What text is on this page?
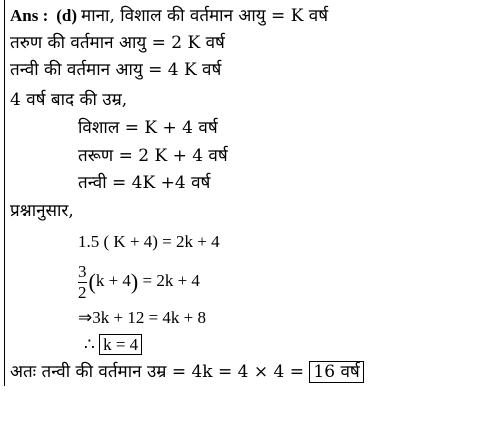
Ans : (d) माना, विशाल की वर्तमान आयु = K वर्ष
तरुण की वर्तमान आयु = 2 K वर्ष
तन्वी की वर्तमान आयु = 4 K वर्ष
4 वर्ष बाद की उम्र,
विशाल = K + 4 वर्ष
तरूण = 2 K + 4 वर्ष
तन्वी = 4K +4 वर्ष
प्रश्नानुसार,
1.5 ( K + 4) = 2k + 4
$\frac{3}{2} (k + 4) = 2k + 4$
⇒3k + 12 = 4k + 8
∴ k = 4
अतः तन्वी की वर्तमान उम्र = 4k = 4 × 4 = 16 वर्ष
